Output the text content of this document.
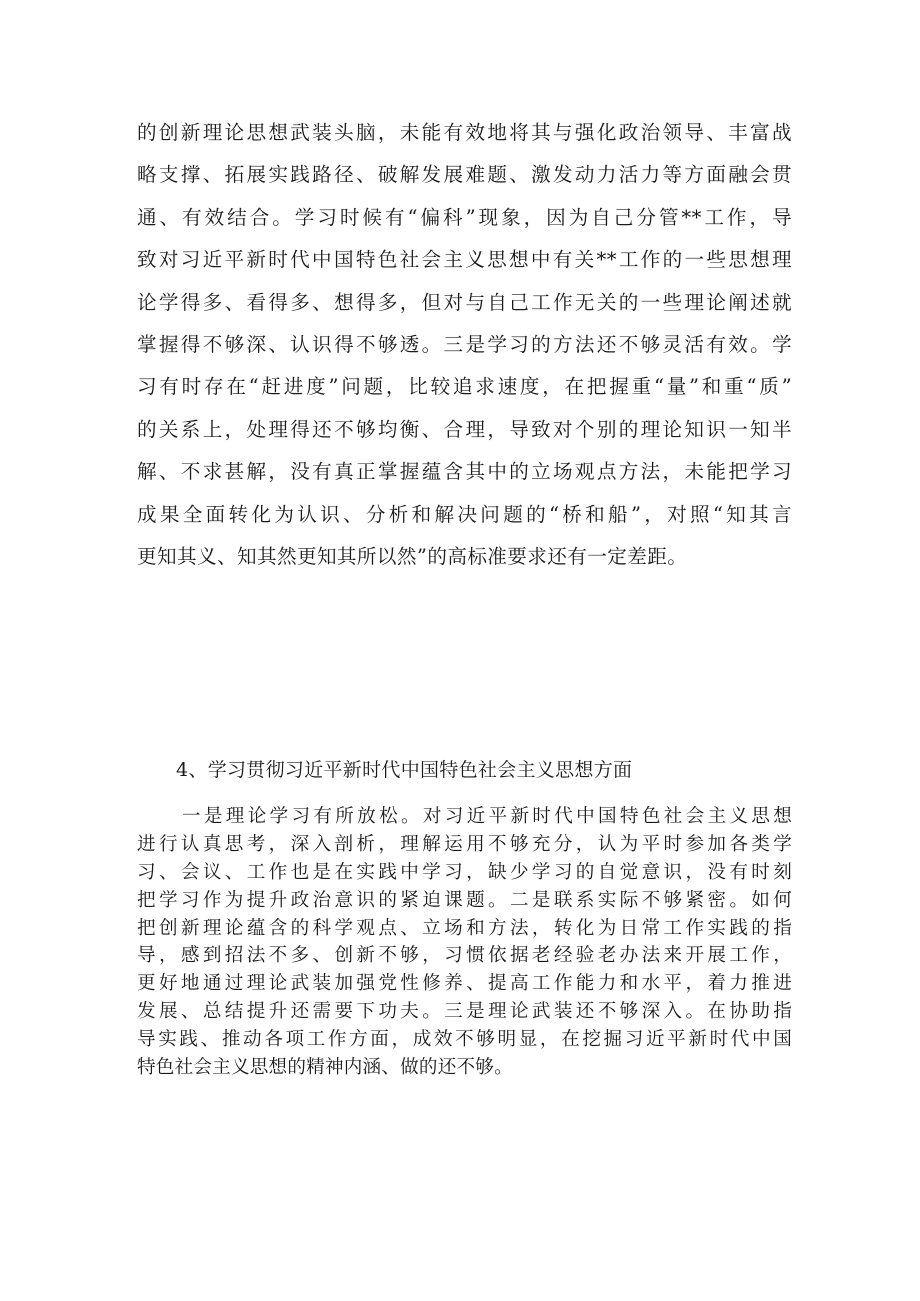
的创新理论思想武装头脑，未能有效地将其与强化政治领导、丰富战
略支撑、拓展实践路径、破解发展难题、激发动力活力等方面融会贯
通、有效结合。学习时候有“偏科”现象，因为自己分管**工作，导
致对习近平新时代中国特色社会主义思想中有关**工作的一些思想理
论学得多、看得多、想得多，但对与自己工作无关的一些理论阐述就
掌握得不够深、认识得不够透。三是学习的方法还不够灵活有效。学
习有时存在“赶进度”问题，比较追求速度，在把握重“量”和重“质”
的关系上，处理得还不够均衡、合理，导致对个别的理论知识一知半
解、不求甚解，没有真正掌握蕴含其中的立场观点方法，未能把学习
成果全面转化为认识、分析和解决问题的“桥和船”，对照“知其言
更知其义、知其然更知其所以然”的高标准要求还有一定差距。
4、学习贯彻习近平新时代中国特色社会主义思想方面
一是理论学习有所放松。对习近平新时代中国特色社会主义思想
进行认真思考，深入剖析，理解运用不够充分，认为平时参加各类学
习、会议、工作也是在实践中学习，缺少学习的自觉意识，没有时刻
把学习作为提升政治意识的紧迫课题。二是联系实际不够紧密。如何
把创新理论蕴含的科学观点、立场和方法，转化为日常工作实践的指
导，感到招法不多、创新不够，习惯依据老经验老办法来开展工作，
更好地通过理论武装加强党性修养、提高工作能力和水平，着力推进
发展、总结提升还需要下功夫。三是理论武装还不够深入。在协助指
导实践、推动各项工作方面，成效不够明显，在挖掘习近平新时代中国
特色社会主义思想的精神内涵、做的还不够。
